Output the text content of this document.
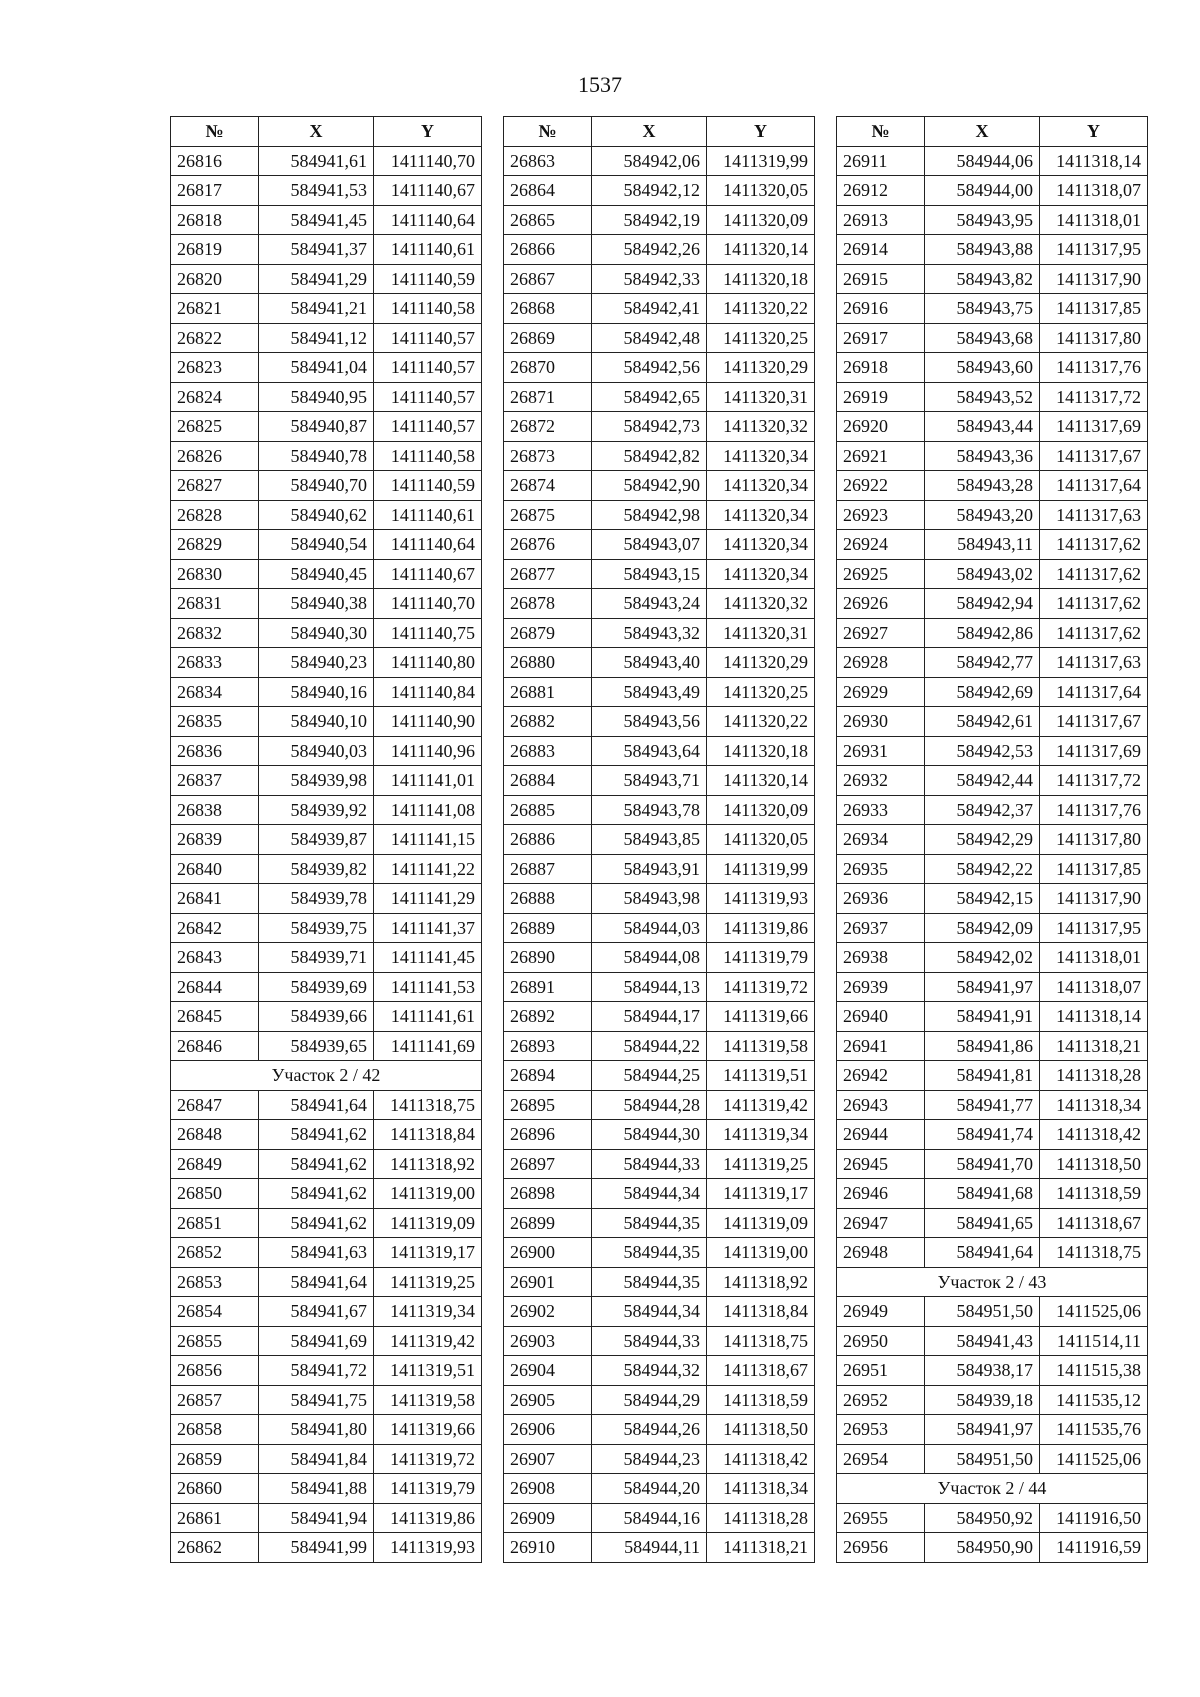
1537
№	X	Y
26816	584941,61	1411140,70
26817	584941,53	1411140,67
26818	584941,45	1411140,64
26819	584941,37	1411140,61
26820	584941,29	1411140,59
26821	584941,21	1411140,58
26822	584941,12	1411140,57
26823	584941,04	1411140,57
26824	584940,95	1411140,57
26825	584940,87	1411140,57
26826	584940,78	1411140,58
26827	584940,70	1411140,59
26828	584940,62	1411140,61
26829	584940,54	1411140,64
26830	584940,45	1411140,67
26831	584940,38	1411140,70
26832	584940,30	1411140,75
26833	584940,23	1411140,80
26834	584940,16	1411140,84
26835	584940,10	1411140,90
26836	584940,03	1411140,96
26837	584939,98	1411141,01
26838	584939,92	1411141,08
26839	584939,87	1411141,15
26840	584939,82	1411141,22
26841	584939,78	1411141,29
26842	584939,75	1411141,37
26843	584939,71	1411141,45
26844	584939,69	1411141,53
26845	584939,66	1411141,61
26846	584939,65	1411141,69
Участок 2 / 42		
26847	584941,64	1411318,75
26848	584941,62	1411318,84
26849	584941,62	1411318,92
26850	584941,62	1411319,00
26851	584941,62	1411319,09
26852	584941,63	1411319,17
26853	584941,64	1411319,25
26854	584941,67	1411319,34
26855	584941,69	1411319,42
26856	584941,72	1411319,51
26857	584941,75	1411319,58
26858	584941,80	1411319,66
26859	584941,84	1411319,72
26860	584941,88	1411319,79
26861	584941,94	1411319,86
26862	584941,99	1411319,93
№	X	Y
26863	584942,06	1411319,99
26864	584942,12	1411320,05
26865	584942,19	1411320,09
26866	584942,26	1411320,14
26867	584942,33	1411320,18
26868	584942,41	1411320,22
26869	584942,48	1411320,25
26870	584942,56	1411320,29
26871	584942,65	1411320,31
26872	584942,73	1411320,32
26873	584942,82	1411320,34
26874	584942,90	1411320,34
26875	584942,98	1411320,34
26876	584943,07	1411320,34
26877	584943,15	1411320,34
26878	584943,24	1411320,32
26879	584943,32	1411320,31
26880	584943,40	1411320,29
26881	584943,49	1411320,25
26882	584943,56	1411320,22
26883	584943,64	1411320,18
26884	584943,71	1411320,14
26885	584943,78	1411320,09
26886	584943,85	1411320,05
26887	584943,91	1411319,99
26888	584943,98	1411319,93
26889	584944,03	1411319,86
26890	584944,08	1411319,79
26891	584944,13	1411319,72
26892	584944,17	1411319,66
26893	584944,22	1411319,58
26894	584944,25	1411319,51
26895	584944,28	1411319,42
26896	584944,30	1411319,34
26897	584944,33	1411319,25
26898	584944,34	1411319,17
26899	584944,35	1411319,09
26900	584944,35	1411319,00
26901	584944,35	1411318,92
26902	584944,34	1411318,84
26903	584944,33	1411318,75
26904	584944,32	1411318,67
26905	584944,29	1411318,59
26906	584944,26	1411318,50
26907	584944,23	1411318,42
26908	584944,20	1411318,34
26909	584944,16	1411318,28
26910	584944,11	1411318,21
№	X	Y
26911	584944,06	1411318,14
26912	584944,00	1411318,07
26913	584943,95	1411318,01
26914	584943,88	1411317,95
26915	584943,82	1411317,90
26916	584943,75	1411317,85
26917	584943,68	1411317,80
26918	584943,60	1411317,76
26919	584943,52	1411317,72
26920	584943,44	1411317,69
26921	584943,36	1411317,67
26922	584943,28	1411317,64
26923	584943,20	1411317,63
26924	584943,11	1411317,62
26925	584943,02	1411317,62
26926	584942,94	1411317,62
26927	584942,86	1411317,62
26928	584942,77	1411317,63
26929	584942,69	1411317,64
26930	584942,61	1411317,67
26931	584942,53	1411317,69
26932	584942,44	1411317,72
26933	584942,37	1411317,76
26934	584942,29	1411317,80
26935	584942,22	1411317,85
26936	584942,15	1411317,90
26937	584942,09	1411317,95
26938	584942,02	1411318,01
26939	584941,97	1411318,07
26940	584941,91	1411318,14
26941	584941,86	1411318,21
26942	584941,81	1411318,28
26943	584941,77	1411318,34
26944	584941,74	1411318,42
26945	584941,70	1411318,50
26946	584941,68	1411318,59
26947	584941,65	1411318,67
26948	584941,64	1411318,75
Участок 2 / 43		
26949	584951,50	1411525,06
26950	584941,43	1411514,11
26951	584938,17	1411515,38
26952	584939,18	1411535,12
26953	584941,97	1411535,76
26954	584951,50	1411525,06
Участок 2 / 44		
26955	584950,92	1411916,50
26956	584950,90	1411916,59
